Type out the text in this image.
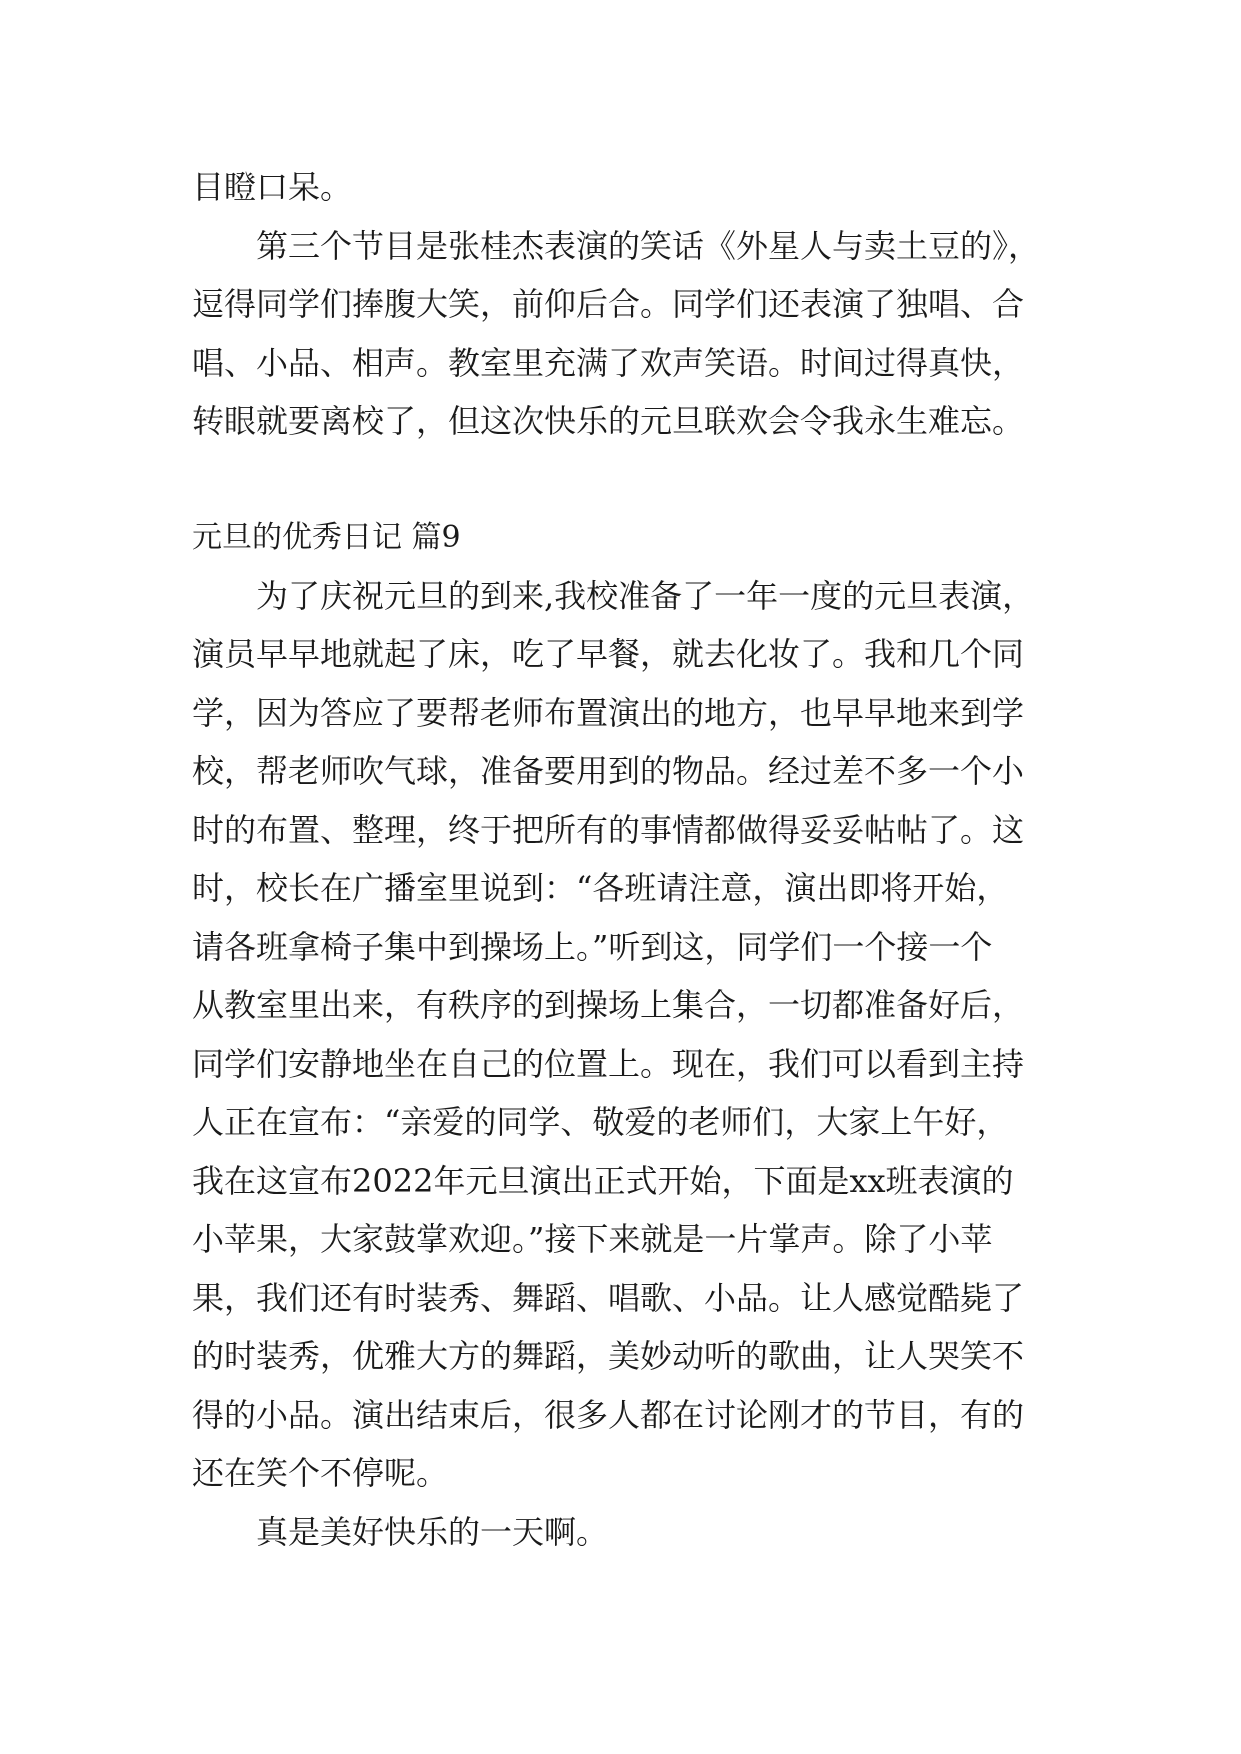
目瞪口呆。
第三个节目是张桂杰表演的笑话《外星人与卖土豆的》，
逗得同学们捧腹大笑，前仰后合。同学们还表演了独唱、合
唱、小品、相声。教室里充满了欢声笑语。时间过得真快，
转眼就要离校了，但这次快乐的元旦联欢会令我永生难忘。
元旦的优秀日记 篇9
为了庆祝元旦的到来,我校准备了一年一度的元旦表演，
演员早早地就起了床，吃了早餐，就去化妆了。我和几个同
学，因为答应了要帮老师布置演出的地方，也早早地来到学
校，帮老师吹气球，准备要用到的物品。经过差不多一个小
时的布置、整理，终于把所有的事情都做得妥妥帖帖了。这
时，校长在广播室里说到：“各班请注意，演出即将开始，
请各班拿椅子集中到操场上。”听到这，同学们一个接一个
从教室里出来，有秩序的到操场上集合，一切都准备好后，
同学们安静地坐在自己的位置上。现在，我们可以看到主持
人正在宣布：“亲爱的同学、敬爱的老师们，大家上午好，
我在这宣布2022年元旦演出正式开始，下面是xx班表演的
小苹果，大家鼓掌欢迎。”接下来就是一片掌声。除了小苹
果，我们还有时装秀、舞蹈、唱歌、小品。让人感觉酷毙了
的时装秀，优雅大方的舞蹈，美妙动听的歌曲，让人哭笑不
得的小品。演出结束后，很多人都在讨论刚才的节目，有的
还在笑个不停呢。
真是美好快乐的一天啊。
